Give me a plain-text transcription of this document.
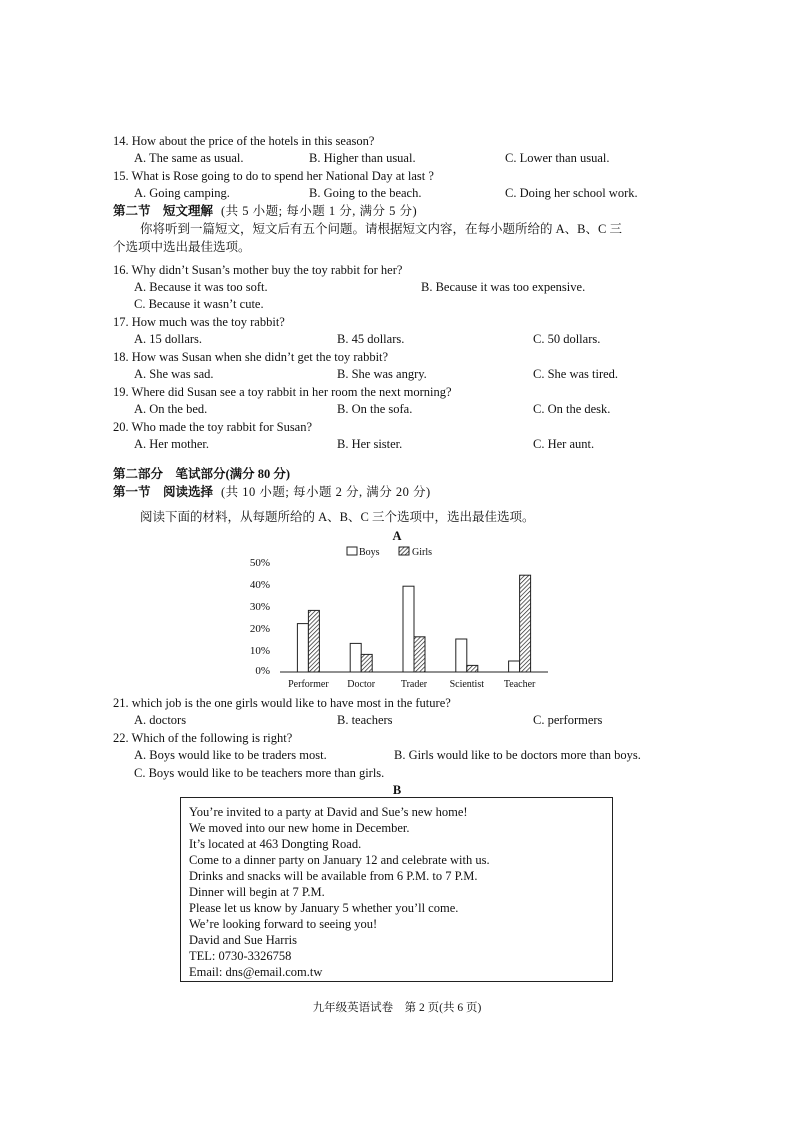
14. How about the price of the hotels in this season?
A. The same as usual.	B. Higher than usual.	C. Lower than usual.
15. What is Rose going to do to spend her National Day at last ?
A. Going camping.	B. Going to the beach.	C. Doing her school work.
第二节　短文理解 (共 5 小题; 每小题 1 分, 满分 5 分)
你将听到一篇短文，短文后有五个问题。请根据短文内容，在每小题所给的 A、B、C 三
个选项中选出最佳选项。
16. Why didn’t Susan’s mother buy the toy rabbit for her?
A. Because it was too soft.	B. Because it was too expensive.
C. Because it wasn’t cute.
17. How much was the toy rabbit?
A. 15 dollars.	B. 45 dollars.	C. 50 dollars.
18. How was Susan when she didn’t get the toy rabbit?
A. She was sad.	B. She was angry.	C. She was tired.
19. Where did Susan see a toy rabbit in her room the next morning?
A. On the bed.	B. On the sofa.	C. On the desk.
20. Who made the toy rabbit for Susan?
A. Her mother.	B. Her sister.	C. Her aunt.
第二部分　笔试部分(满分 80 分)
第一节　阅读选择 (共 10 小题; 每小题 2 分, 满分 20 分)
阅读下面的材料，从每题所给的 A、B、C 三个选项中，选出最佳选项。
A
Boys	Girls
50%
40%
30%
20%
10%
0%
Performer Doctor	Trader Scientist Teacher
21. which job is the one girls would like to have most in the future?
A. doctors	B. teachers	C. performers
22. Which of the following is right?
A. Boys would like to be traders most.	B. Girls would like to be doctors more than boys.
C. Boys would like to be teachers more than girls.
B
You’re invited to a party at David and Sue’s new home!
We moved into our new home in December.
It’s located at 463 Dongting Road.
Come to a dinner party on January 12 and celebrate with us.
Drinks and snacks will be available from 6 P.M. to 7 P.M.
Dinner will begin at 7 P.M.
Please let us know by January 5 whether you’ll come.
We’re looking forward to seeing you!
David and Sue Harris
TEL: 0730-3326758
Email: dns@email.com.tw
九年级英语试卷　第 2 页(共 6 页)
